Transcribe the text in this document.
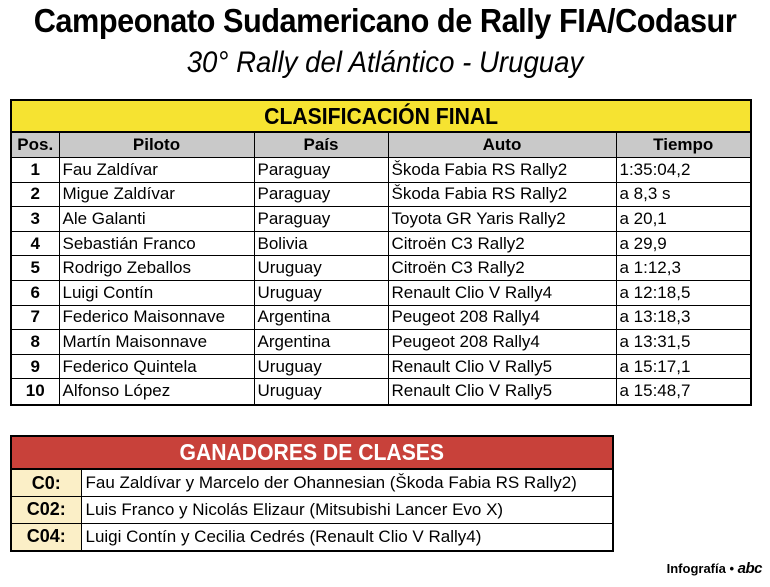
Campeonato Sudamericano de Rally FIA/Codasur
30° Rally del Atlántico - Uruguay
CLASIFICACIÓN FINAL
Pos.	Piloto	País	Auto	Tiempo
1	Fau Zaldívar	Paraguay	Škoda Fabia RS Rally2	1:35:04,2
2	Migue Zaldívar	Paraguay	Škoda Fabia RS Rally2	a 8,3 s
3	Ale Galanti	Paraguay	Toyota GR Yaris Rally2	a 20,1
4	Sebastián Franco	Bolivia	Citroën C3 Rally2	a 29,9
5	Rodrigo Zeballos	Uruguay	Citroën C3 Rally2	a 1:12,3
6	Luigi Contín	Uruguay	Renault Clio V Rally4	a 12:18,5
7	Federico Maisonnave	Argentina	Peugeot 208 Rally4	a 13:18,3
8	Martín Maisonnave	Argentina	Peugeot 208 Rally4	a 13:31,5
9	Federico Quintela	Uruguay	Renault Clio V Rally5	a 15:17,1
10	Alfonso López	Uruguay	Renault Clio V Rally5	a 15:48,7
GANADORES DE CLASES
C0:	Fau Zaldívar y Marcelo der Ohannesian (Škoda Fabia RS Rally2)
C02:	Luis Franco y Nicolás Elizaur (Mitsubishi Lancer Evo X)
C04:	Luigi Contín y Cecilia Cedrés (Renault Clio V Rally4)
Infografía • abc
